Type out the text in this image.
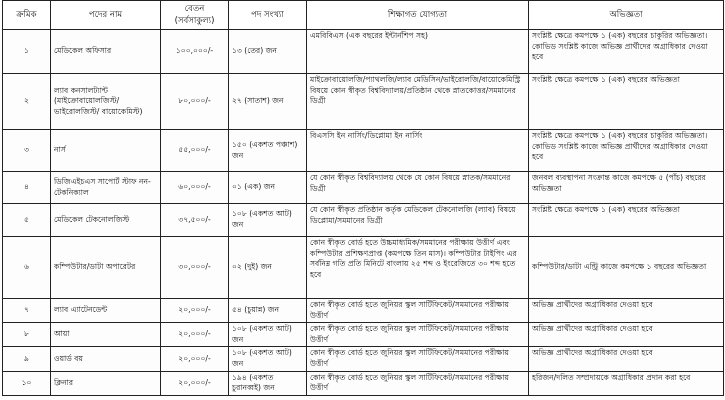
ক্রমিক	পদের নাম	বেতন (সর্বসাকুল্য)	পদ সংখ্যা	শিক্ষাগত যোগ্যতা	অভিজ্ঞতা
১	মেডিকেল অফিসার	১০০,০০০/-	১৩ (তের) জন	এমবিবিএস (এক বছরের ইন্টার্নশিপ সহ)	সংশ্লিষ্ট ক্ষেত্রে কমপক্ষে ১ (এক) বছরের চাকুরির অভিজ্ঞতা। কোভিড সংশ্লিষ্ট কাজে অভিজ্ঞ প্রার্থীদের অগ্রাধিকার দেওয়া হবে
২	ল্যাব কনসালট্যান্ট (মাইক্রোবায়োলজিস্ট/ ভাইরোলজিস্ট/ বায়োকেমিস্ট)	৮০,০০০/-	২৭ (সাতাশ) জন	মাইক্রোবায়োলজি/প্যাথলজি/ল্যাব মেডিসিন/ভাইরোলজি/বায়োকেমিস্ট্রি বিষয়ে কোন স্বীকৃত বিশ্ববিদ্যালয়/প্রতিষ্ঠান থেকে স্নাতকোত্তর/সমমানের ডিগ্রী	সংশ্লিষ্ট ক্ষেত্রে কমপক্ষে ১ (এক) বছরের অভিজ্ঞতা
৩	নার্স	৫৫,০০০/-	১৫০ (একশত পঞ্চাশ) জন	বিএসসি ইন নার্সিং/ডিপ্লোমা ইন নার্সিং	সংশ্লিষ্ট ক্ষেত্রে কমপক্ষে ১ (এক) বছরের চাকুরির অভিজ্ঞতা। কোভিড সংশ্লিষ্ট কাজে অভিজ্ঞ প্রার্থীদের অগ্রাধিকার দেওয়া হবে
৪	ডিজিএইচএস সাপোর্ট স্টাফ নন-টেকনিক্যাল	৬০,০০০/-	০১ (এক) জন	যে কোন স্বীকৃত বিশ্ববিদ্যালয় থেকে যে কোন বিষয়ে স্নাতক/সমমানের ডিগ্রী	জনবল ব্যবস্থাপনা সংক্রান্ত কাজে কমপক্ষে ৫ (পাঁচ) বছরের অভিজ্ঞতা
৫	মেডিকেল টেকনোলজিস্ট	৩৭,৫০০/-	১০৮ (একশত আট) জন	যে কোন স্বীকৃত প্রতিষ্ঠান কর্তৃক মেডিকেল টেকনোলজি (ল্যাব) বিষয়ে ডিপ্লোমা/সমমানের ডিগ্রী	সংশ্লিষ্ট ক্ষেত্রে কমপক্ষে ১ (এক) বছরের অভিজ্ঞতা
৬	কম্পিউটার/ডাটা অপারেটর	৩০,০০০/-	০২ (দুই) জন	কোন স্বীকৃত বোর্ড হতে উচ্চমাধ্যমিক/সমমানের পরীক্ষায় উত্তীর্ণ এবং কম্পিউটার প্রশিক্ষণপ্রাপ্ত (কমপক্ষে তিন মাস)। কম্পিউটার টাইপিং এর সর্বনিম্ন গতি প্রতি মিনিটে বাংলায় ২৫ শব্দ ও ইংরেজিতে ৩০ শব্দ হতে হবে	কম্পিউটার/ডাটা এন্ট্রি কাজে কমপক্ষে ১ বছরের অভিজ্ঞতা
৭	ল্যাব এ্যাটেনডেন্ট	২০,০০০/-	৫৪ (চুয়ান্ন) জন	কোন স্বীকৃত বোর্ড হতে জুনিয়র স্কুল সার্টিফিকেট/সমমানের পরীক্ষায় উত্তীর্ণ	অভিজ্ঞ প্রার্থীদের অগ্রাধিকার দেওয়া হবে
৮	আয়া	২০,০০০/-	১০৮ (একশত আট) জন	কোন স্বীকৃত বোর্ড হতে জুনিয়র স্কুল সার্টিফিকেট/সমমানের পরীক্ষায় উত্তীর্ণ	অভিজ্ঞ প্রার্থীদের অগ্রাধিকার দেওয়া হবে
৯	ওয়ার্ড বয়	২০,০০০/-	১০৮ (একশত আট) জন	কোন স্বীকৃত বোর্ড হতে জুনিয়র স্কুল সার্টিফিকেট/সমমানের পরীক্ষায় উত্তীর্ণ	অভিজ্ঞ প্রার্থীদের অগ্রাধিকার দেওয়া হবে
১০	ক্লিনার	২০,০০০/-	১৯৪ (একশত চুরানব্বই) জন	কোন স্বীকৃত বোর্ড হতে জুনিয়র স্কুল সার্টিফিকেট/সমমানের পরীক্ষায় উত্তীর্ণ	হরিজন/দলিত সম্প্রদায়কে অগ্রাধিকার প্রদান করা হবে
